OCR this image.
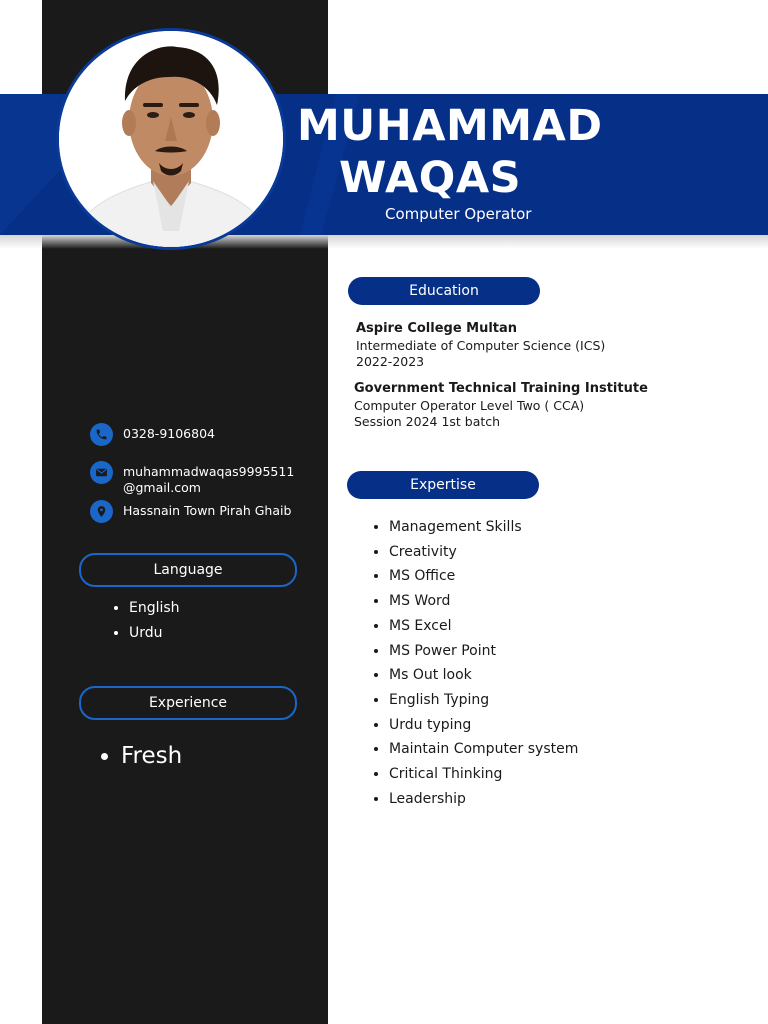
MUHAMMAD
WAQAS
Computer Operator
0328-9106804
muhammadwaqas9995511
@gmail.com
Hassnain Town Pirah Ghaib
Language
• English
• Urdu
Experience
• Fresh
Education
Aspire College Multan
Intermediate of Computer Science (ICS)
2022-2023
Government Technical Training Institute
Computer Operator Level Two ( CCA)
Session 2024 1st batch
Expertise
• Management Skills
• Creativity
• MS Office
• MS Word
• MS Excel
• MS Power Point
• Ms Out look
• English Typing
• Urdu typing
• Maintain Computer system
• Critical Thinking
• Leadership
